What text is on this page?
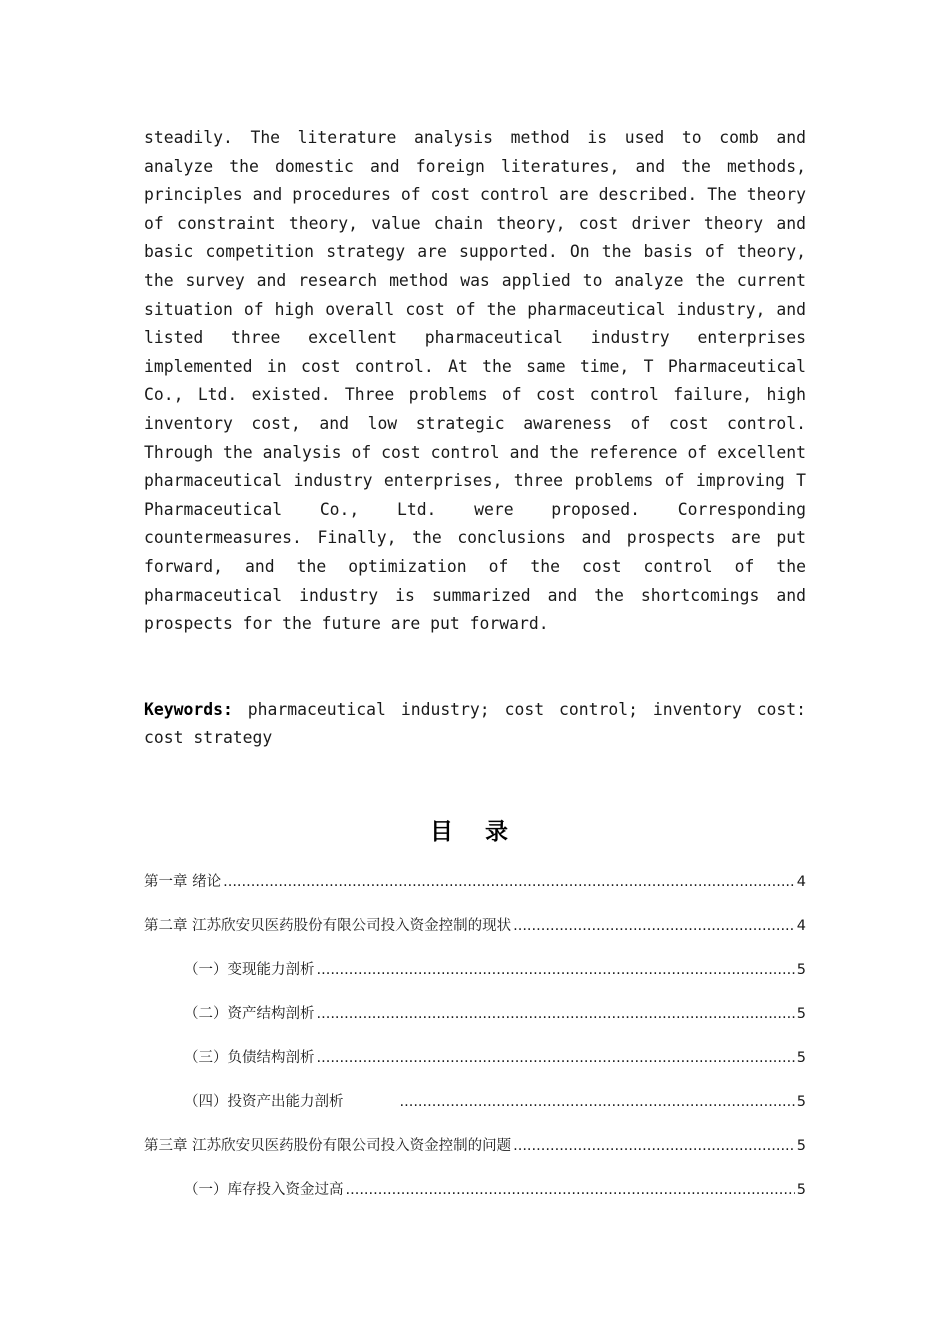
steadily. The literature analysis method is used to comb and analyze the domestic and foreign literatures, and the methods, principles and procedures of cost control are described. The theory of constraint theory, value chain theory, cost driver theory and basic competition strategy are supported. On the basis of theory, the survey and research method was applied to analyze the current situation of high overall cost of the pharmaceutical industry, and listed three excellent pharmaceutical industry enterprises implemented in cost control. At the same time, T Pharmaceutical Co., Ltd. existed. Three problems of cost control failure, high inventory cost, and low strategic awareness of cost control. Through the analysis of cost control and the reference of excellent pharmaceutical industry enterprises, three problems of improving T Pharmaceutical Co., Ltd. were proposed. Corresponding countermeasures. Finally, the conclusions and prospects are put forward, and the optimization of the cost control of the pharmaceutical industry is summarized and the shortcomings and prospects for the future are put forward.

Keywords: pharmaceutical industry; cost control; inventory cost: cost strategy

目 录
第一章 绪论 .....	4
第二章 江苏欣安贝医药股份有限公司投入资金控制的现状 .....	4
（一）变现能力剖析 .....	5
（二）资产结构剖析 .....	5
（三）负债结构剖析 .....	5
（四）投资产出能力剖析 .....	5
第三章 江苏欣安贝医药股份有限公司投入资金控制的问题 .....	5
（一）库存投入资金过高 .....	5
